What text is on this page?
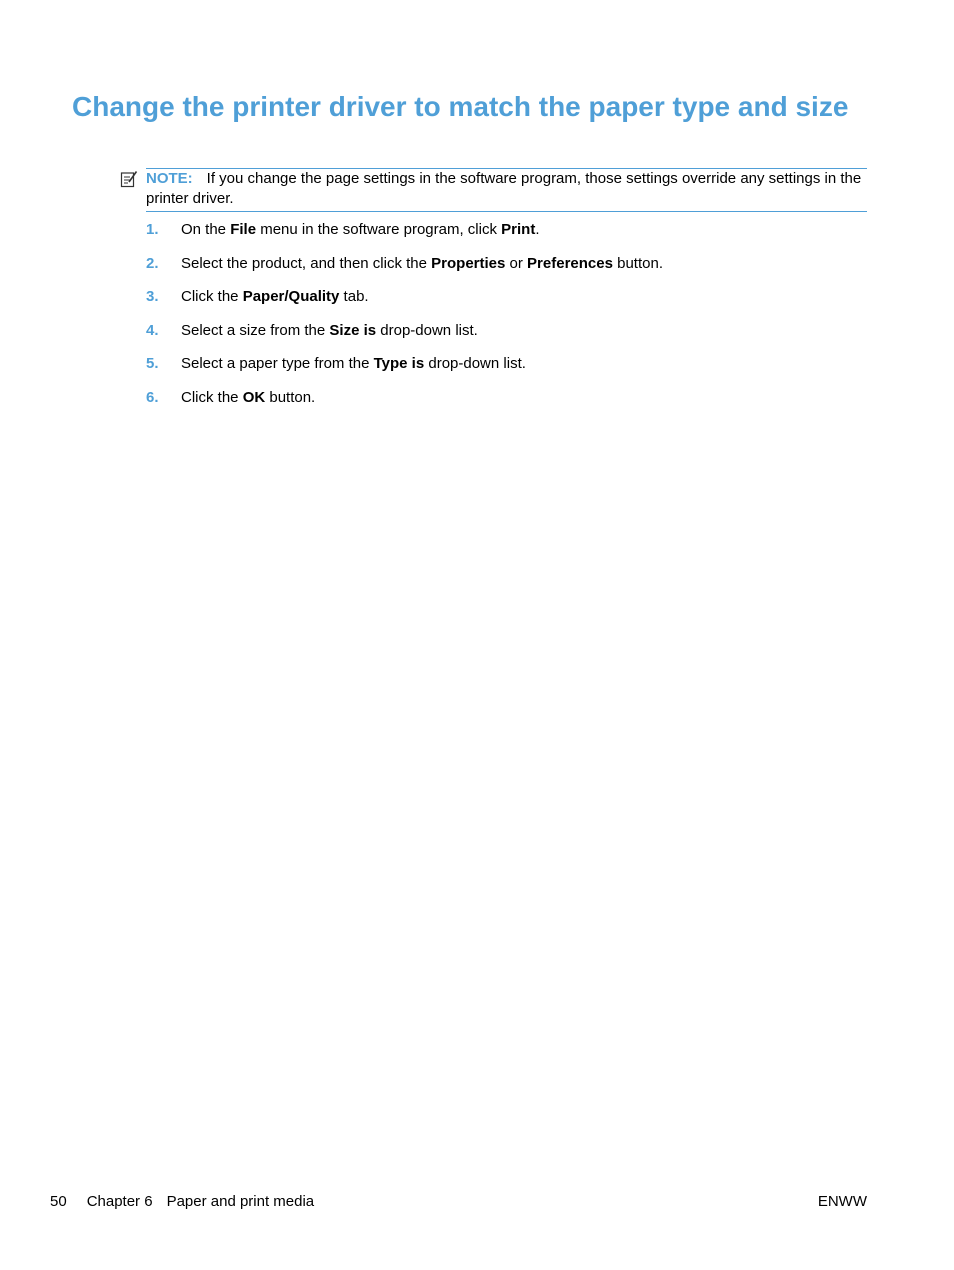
Change the printer driver to match the paper type and size
NOTE: If you change the page settings in the software program, those settings override any settings in the printer driver.
1.	On the File menu in the software program, click Print.
2.	Select the product, and then click the Properties or Preferences button.
3.	Click the Paper/Quality tab.
4.	Select a size from the Size is drop-down list.
5.	Select a paper type from the Type is drop-down list.
6.	Click the OK button.
50 Chapter 6 Paper and print media	ENWW
